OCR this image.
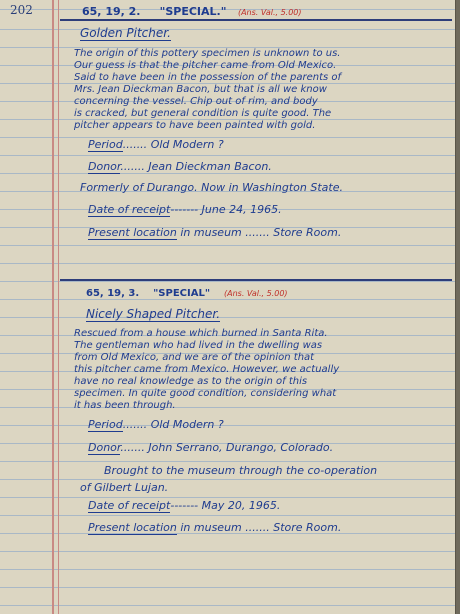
202	65, 19, 2. "SPECIAL." (Ans. Val., 5.00)
Golden Pitcher.

The origin of this pottery specimen is unknown to us.

Our guess is that the pitcher came from Old Mexico.

Said to have been in the possession of the parents of

Mrs. Jean Dieckman Bacon, but that is all we know

concerning the vessel. Chip out of rim, and body

is cracked, but general condition is quite good. The

pitcher appears to have been painted with gold.

Period....... Old Modern ?
Donor....... Jean Dieckman Bacon.
Formerly of Durango. Now in Washington State.
Date of receipt------- June 24, 1965.
Present location in museum ....... Store Room.
65, 19, 3. "SPECIAL" (Ans. Val., 5.00)
Nicely Shaped Pitcher.

Rescued from a house which burned in Santa Rita.

The gentleman who had lived in the dwelling was

from Old Mexico, and we are of the opinion that

this pitcher came from Mexico. However, we actually

have no real knowledge as to the origin of this

specimen. In quite good condition, considering what

it has been through.

Period....... Old Modern ?
Donor....... John Serrano, Durango, Colorado.
Brought to the museum through the co-operation
of Gilbert Lujan.
Date of receipt------- May 20, 1965.
Present location in museum ....... Store Room.
